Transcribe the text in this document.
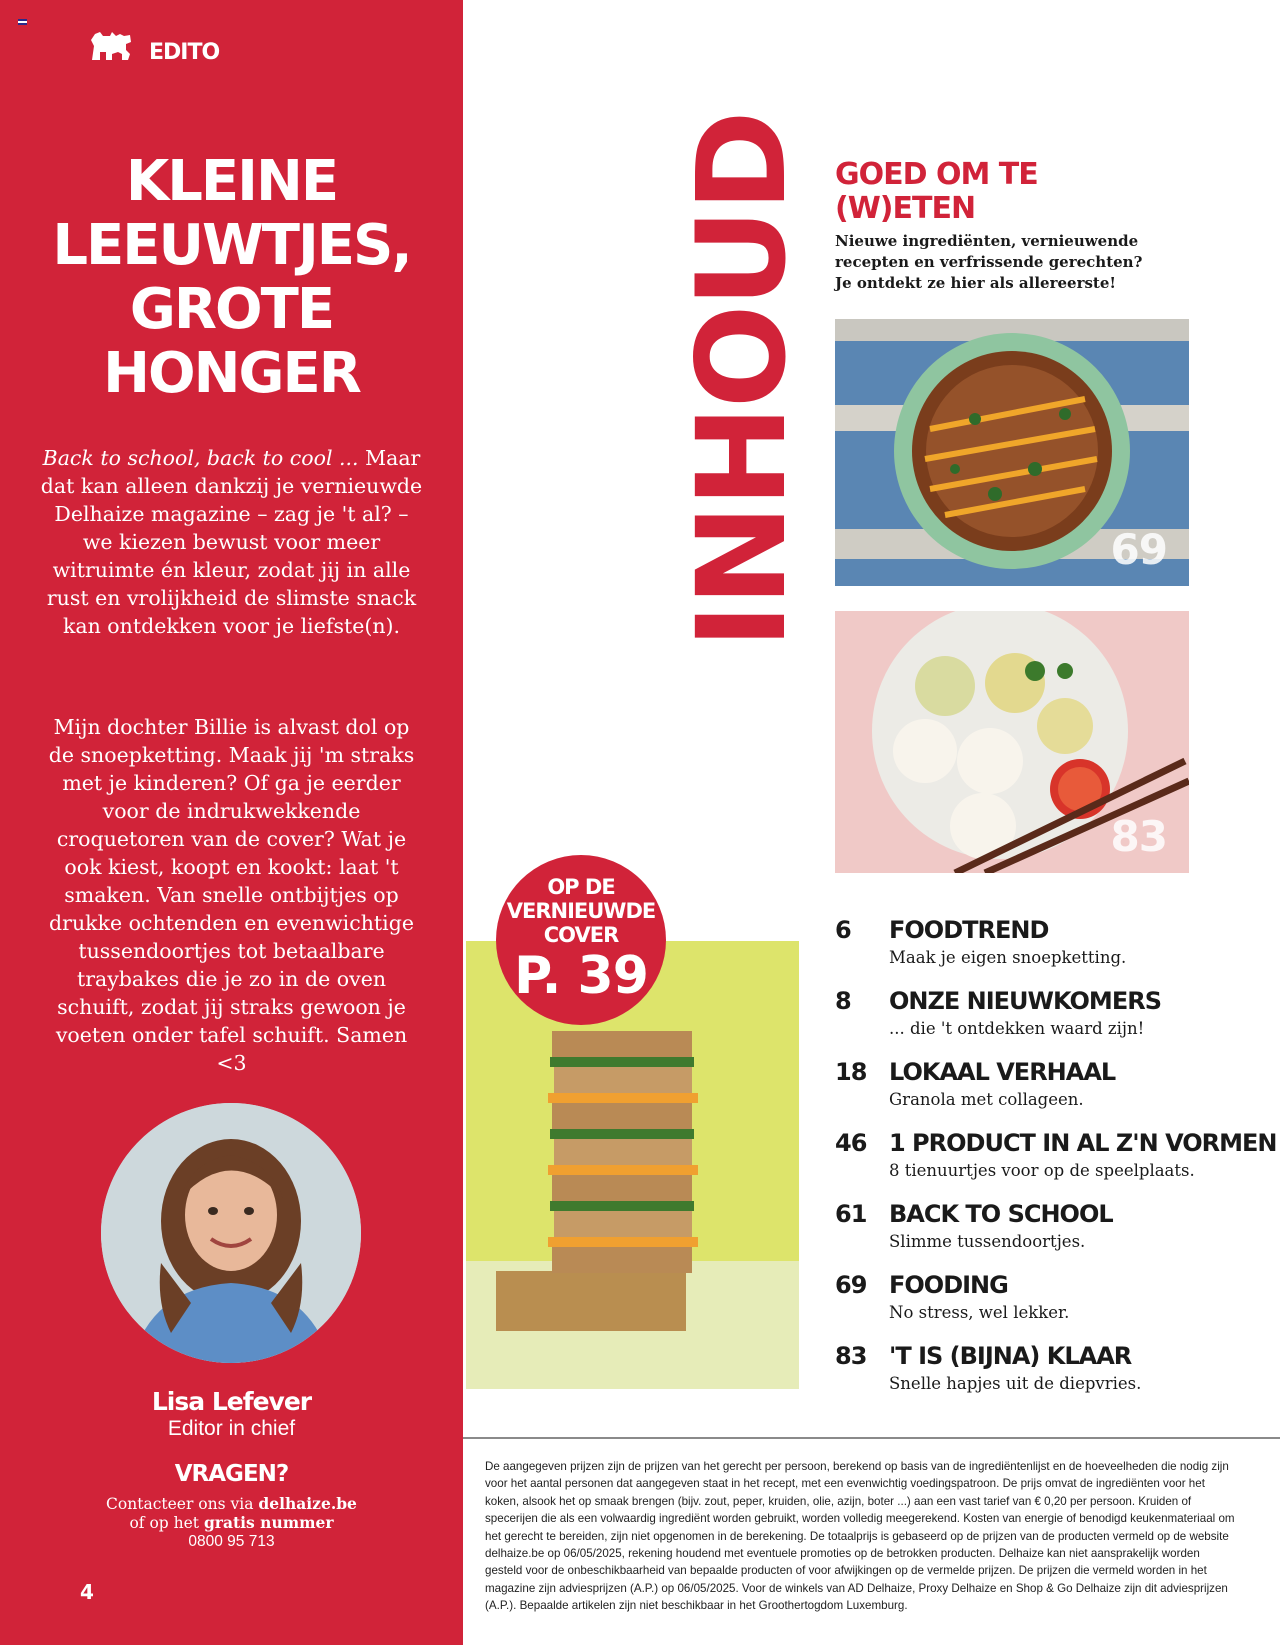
EDITO
KLEINE LEEUWTJES, GROTE HONGER

Back to school, back to cool ... Maar dat kan alleen dankzij je vernieuwde Delhaize magazine – zag je 't al? – we kiezen bewust voor meer witruimte én kleur, zodat jij in alle rust en vrolijkheid de slimste snack kan ontdekken voor je liefste(n).

Mijn dochter Billie is alvast dol op de snoepketting. Maak jij 'm straks met je kinderen? Of ga je eerder voor de indrukwekkende croquetoren van de cover? Wat je ook kiest, koopt en kookt: laat 't smaken. Van snelle ontbijtjes op drukke ochtenden en evenwichtige tussendoortjes tot betaalbare traybakes die je zo in de oven schuift, zodat jij straks gewoon je voeten onder tafel schuift. Samen <3

Lisa Lefever
Editor in chief
VRAGEN?
Contacteer ons via delhaize.be
of op het gratis nummer
0800 95 713
4
INHOUD GOED OM TE (W)ETEN

Nieuwe ingrediënten, vernieuwende recepten en verfrissende gerechten? Je ontdekt ze hier als allereerste!

69
83
OP DE
VERNIEUWDE
COVER
P. 39
6 FOODTREND
Maak je eigen snoepketting.
8 ONZE NIEUWKOMERS
... die 't ontdekken waard zijn!
18 LOKAAL VERHAAL
Granola met collageen.
46 1 PRODUCT IN AL Z'N VORMEN
8 tienuurtjes voor op de speelplaats.
61 BACK TO SCHOOL
Slimme tussendoortjes.
69 FOODING
No stress, wel lekker.
83 'T IS (BIJNA) KLAAR
Snelle hapjes uit de diepvries.

De aangegeven prijzen zijn de prijzen van het gerecht per persoon, berekend op basis van de ingrediëntenlijst en de hoeveelheden die nodig zijn voor het aantal personen dat aangegeven staat in het recept, met een evenwichtig voedingspatroon. De prijs omvat de ingrediënten voor het koken, alsook het op smaak brengen (bijv. zout, peper, kruiden, olie, azijn, boter ...) aan een vast tarief van € 0,20 per persoon. Kruiden of specerijen die als een volwaardig ingrediënt worden gebruikt, worden volledig meegerekend. Kosten van energie of benodigd keukenmateriaal om het gerecht te bereiden, zijn niet opgenomen in de berekening. De totaalprijs is gebaseerd op de prijzen van de producten vermeld op de website delhaize.be op 06/05/2025, rekening houdend met eventuele promoties op de betrokken producten. Delhaize kan niet aansprakelijk worden gesteld voor de onbeschikbaarheid van bepaalde producten of voor afwijkingen op de vermelde prijzen. De prijzen die vermeld worden in het magazine zijn adviesprijzen (A.P.) op 06/05/2025. Voor de winkels van AD Delhaize, Proxy Delhaize en Shop & Go Delhaize zijn dit adviesprijzen (A.P.). Bepaalde artikelen zijn niet beschikbaar in het Groothertogdom Luxemburg.
